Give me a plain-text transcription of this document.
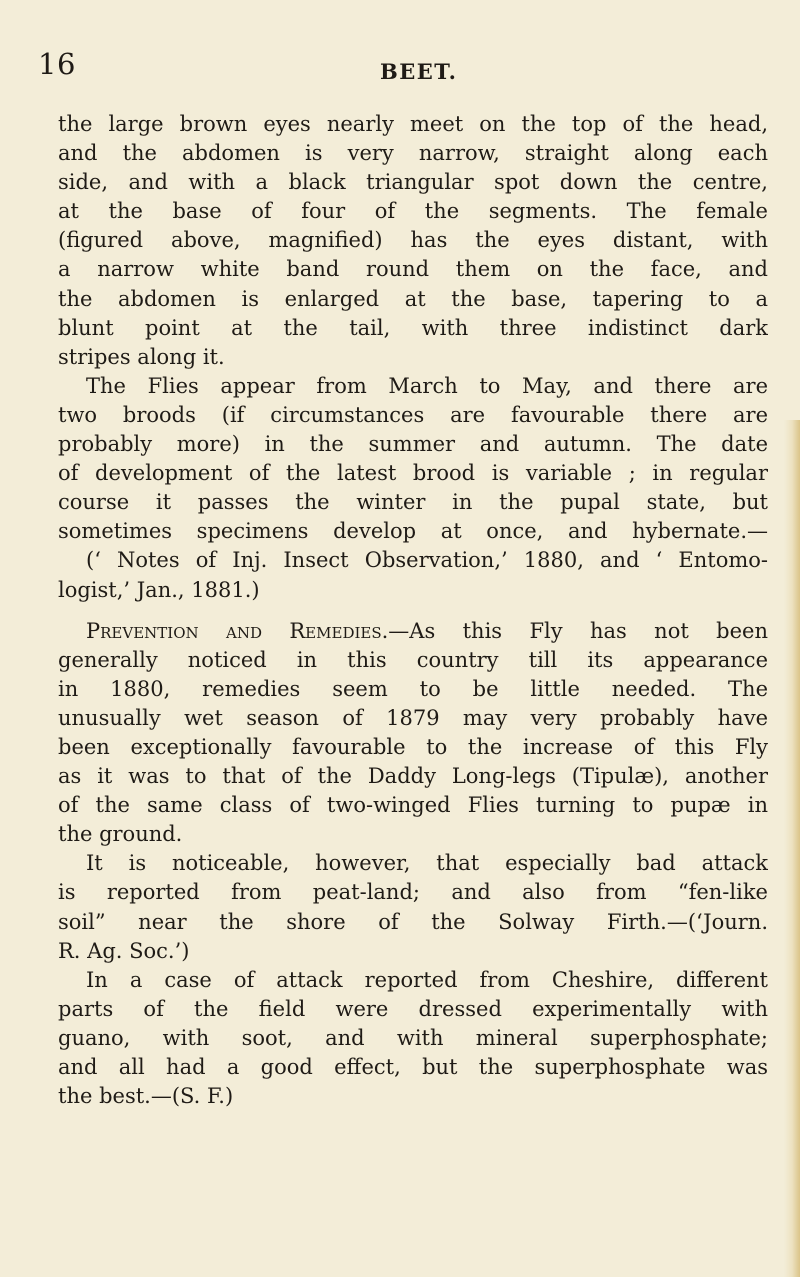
16	BEET.
the large brown eyes nearly meet on the top of the head,
and the abdomen is very narrow, straight along each
side, and with a black triangular spot down the centre,
at the base of four of the segments. The female
(figured above, magnified) has the eyes distant, with
a narrow white band round them on the face, and
the abdomen is enlarged at the base, tapering to a
blunt point at the tail, with three indistinct dark
stripes along it.
The Flies appear from March to May, and there are
two broods (if circumstances are favourable there are
probably more) in the summer and autumn. The date
of development of the latest brood is variable ; in regular
course it passes the winter in the pupal state, but
sometimes specimens develop at once, and hybernate.—
(‘ Notes of Inj. Insect Observation,’ 1880, and ‘ Entomo-
logist,’ Jan., 1881.)
Prevention and Remedies.—As this Fly has not been
generally noticed in this country till its appearance
in 1880, remedies seem to be little needed. The
unusually wet season of 1879 may very probably have
been exceptionally favourable to the increase of this Fly
as it was to that of the Daddy Long-legs (Tipulæ), another
of the same class of two-winged Flies turning to pupæ in
the ground.
It is noticeable, however, that especially bad attack
is reported from peat-land; and also from “fen-like
soil” near the shore of the Solway Firth.—(‘Journ.
R. Ag. Soc.’)
In a case of attack reported from Cheshire, different
parts of the field were dressed experimentally with
guano, with soot, and with mineral superphosphate;
and all had a good effect, but the superphosphate was
the best.—(S. F.)
